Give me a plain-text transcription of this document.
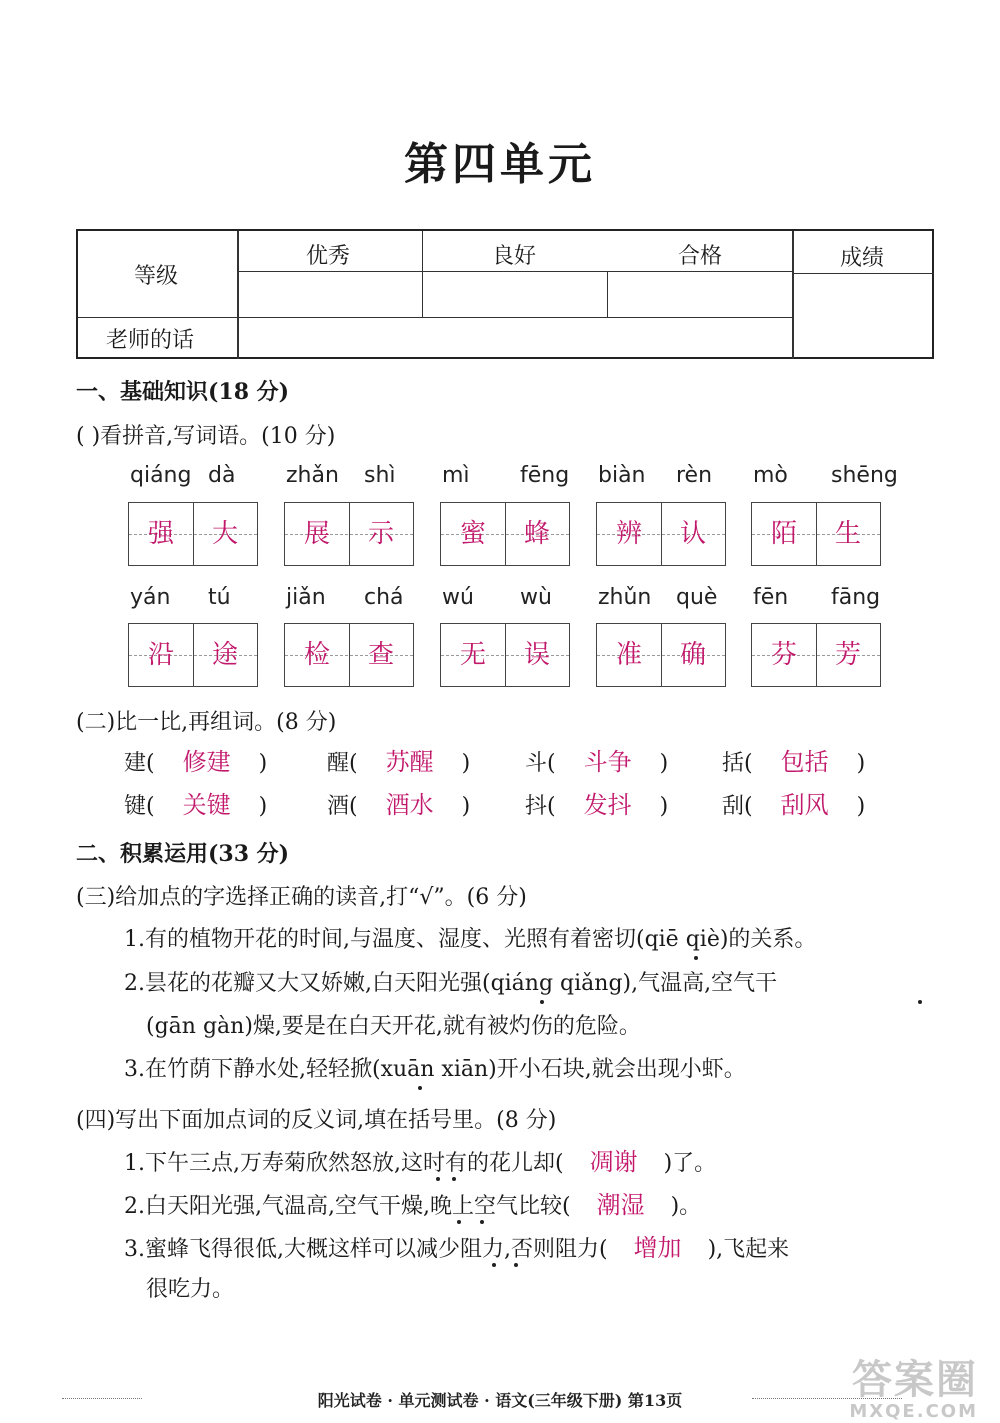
第四单元
等级
优秀	良好	合格	成绩
老师的话
一、基础知识(18 分)
( )看拼音,写词语。(10 分)
qiáng dà
强	大
zhǎn shì
展	示
mì fēng
蜜	蜂
biàn rèn
辨	认
mò shēng
陌	生
yán tú
沿	途
jiǎn chá
检	查
wú wù
无	误
zhǔn què
准	确
fēn fāng
芬	芳
(二)比一比,再组词。(8 分)
建( 修建 )	醒( 苏醒 ) 斗( 斗争 ) 括( 包括 )
键( 关键 )	酒( 酒水 ) 抖( 发抖 ) 刮( 刮风 )
二、积累运用(33 分)
(三)给加点的字选择正确的读音,打“√”。(6 分)
1.有的植物开花的时间,与温度、湿度、光照有着密切(qiē qiè)的关系。
2.昙花的花瓣又大又娇嫩,白天阳光强(qiáng qiǎng),气温高,空气干
(gān gàn)燥,要是在白天开花,就有被灼伤的危险。
3.在竹荫下静水处,轻轻掀(xuān xiān)开小石块,就会出现小虾。
(四)写出下面加点词的反义词,填在括号里。(8 分)
1.下午三点,万寿菊欣然怒放,这时有的花儿却( 凋谢 )了。
2.白天阳光强,气温高,空气干燥,晚上空气比较( 潮湿 )。
3.蜜蜂飞得很低,大概这样可以减少阻力,否则阻力( 增加 ),飞起来
很吃力。
阳光试卷 · 单元测试卷 · 语文(三年级下册) 第13页	答案圈
MXQE.COM
